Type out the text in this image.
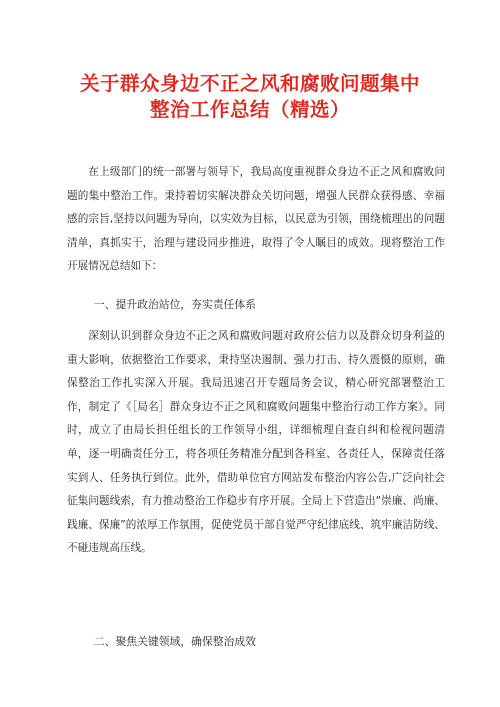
关于群众身边不正之风和腐败问题集中
整治工作总结（精选）

在上级部门的统一部署与领导下，我局高度重视群众身边不正之风和腐败问题的集中整治工作。秉持着切实解决群众关切问题，增强人民群众获得感、幸福感的宗旨,坚持以问题为导向，以实效为目标，以民意为引领，围绕梳理出的问题清单，真抓实干，治理与建设同步推进，取得了令人瞩目的成效。现将整治工作开展情况总结如下：

一、提升政治站位，夯实责任体系

深刻认识到群众身边不正之风和腐败问题对政府公信力以及群众切身利益的重大影响，依据整治工作要求，秉持坚决遏制、强力打击、持久震慑的原则，确保整治工作扎实深入开展。我局迅速召开专题局务会议，精心研究部署整治工作，制定了《［局名］群众身边不正之风和腐败问题集中整治行动工作方案》。同时，成立了由局长担任组长的工作领导小组，详细梳理自查自纠和检视问题清单，逐一明确责任分工，将各项任务精准分配到各科室、各责任人，保障责任落实到人、任务执行到位。此外，借助单位官方网站发布整治内容公告,广泛向社会征集问题线索，有力推动整治工作稳步有序开展。全局上下营造出“崇廉、尚廉、践廉、保廉”的浓厚工作氛围，促使党员干部自觉严守纪律底线、筑牢廉洁防线、不碰违规高压线。

二、聚焦关键领域，确保整治成效
